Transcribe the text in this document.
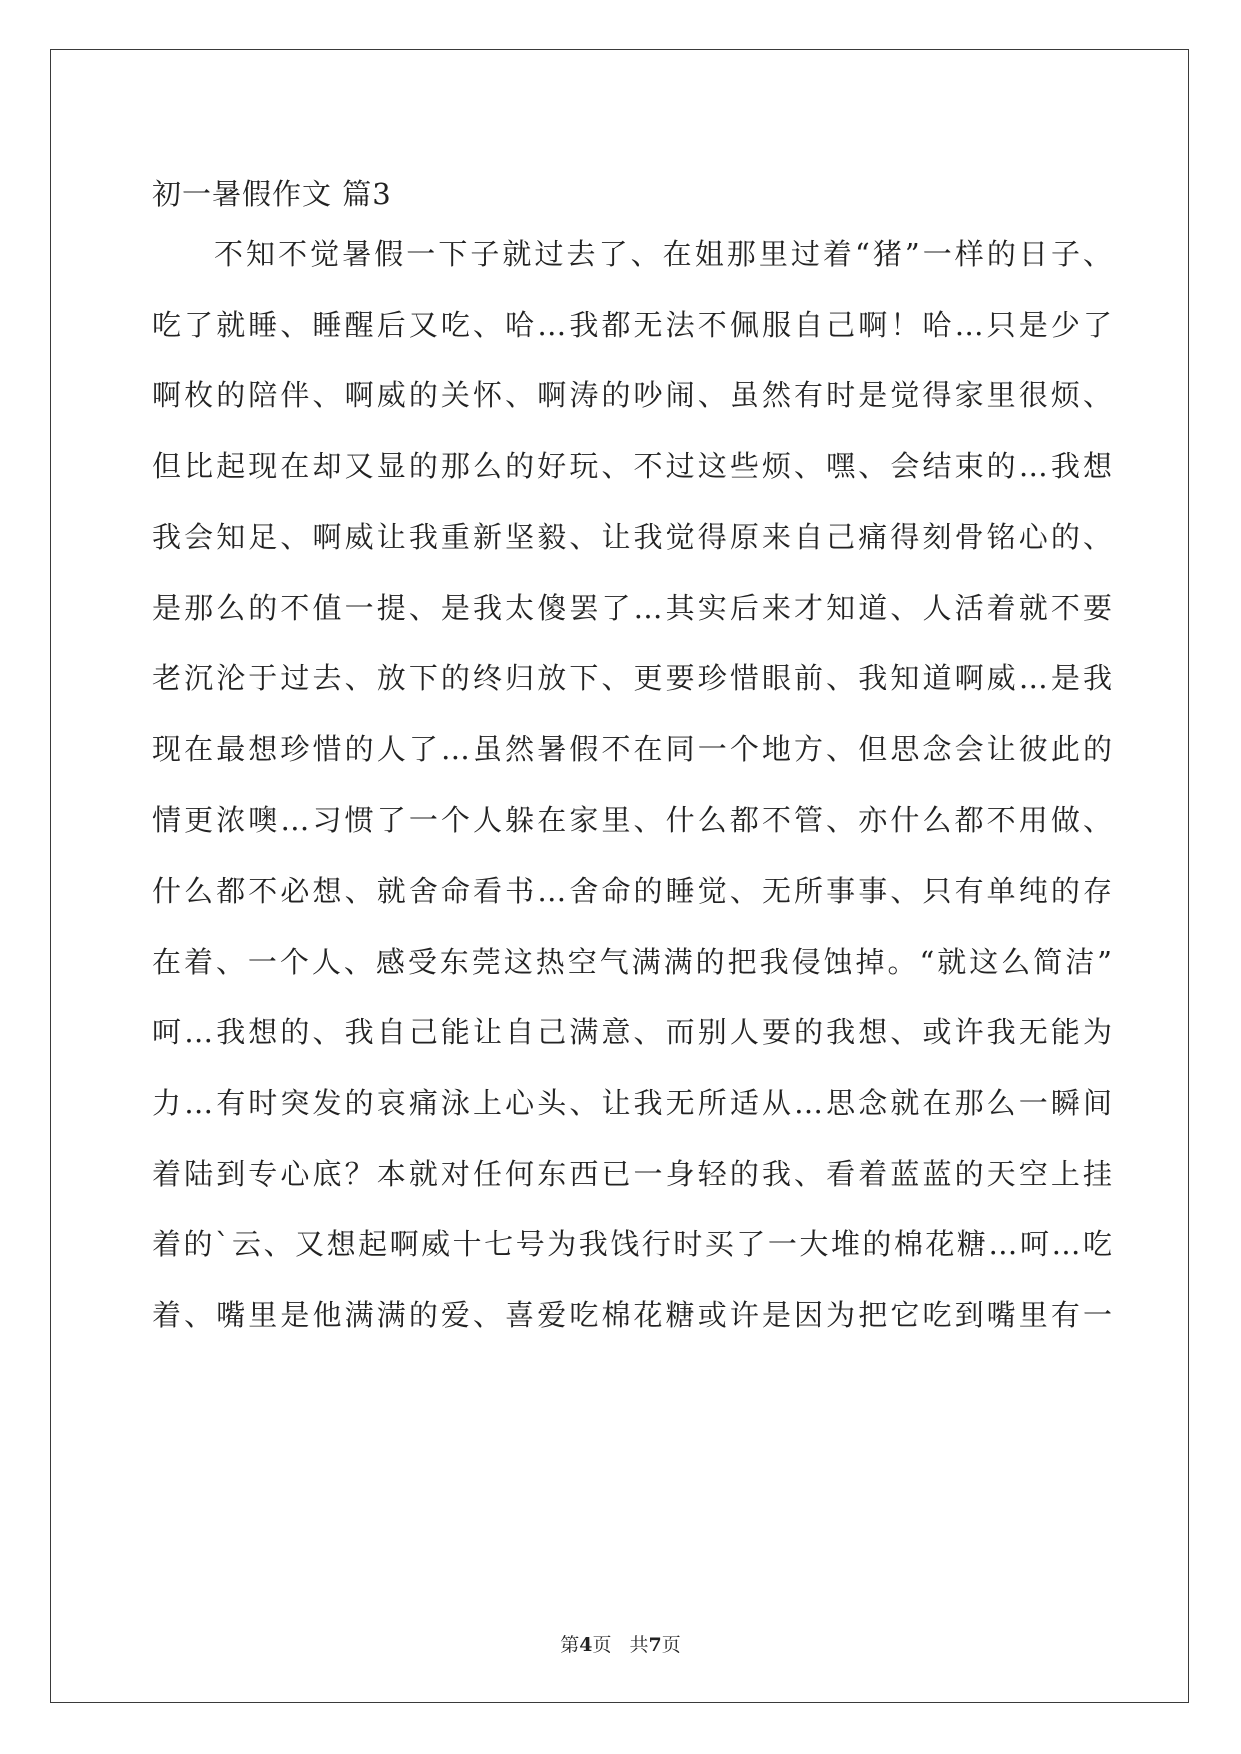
初一暑假作文 篇3
不知不觉暑假一下子就过去了、在姐那里过着“猪”一样的日子、
吃了就睡、睡醒后又吃、哈…我都无法不佩服自己啊！哈…只是少了
啊枚的陪伴、啊威的关怀、啊涛的吵闹、虽然有时是觉得家里很烦、
但比起现在却又显的那么的好玩、不过这些烦、嘿、会结束的…我想
我会知足、啊威让我重新坚毅、让我觉得原来自己痛得刻骨铭心的、
是那么的不值一提、是我太傻罢了…其实后来才知道、人活着就不要
老沉沦于过去、放下的终归放下、更要珍惜眼前、我知道啊威…是我
现在最想珍惜的人了…虽然暑假不在同一个地方、但思念会让彼此的
情更浓噢…习惯了一个人躲在家里、什么都不管、亦什么都不用做、
什么都不必想、就舍命看书…舍命的睡觉、无所事事、只有单纯的存
在着、一个人、感受东莞这热空气满满的把我侵蚀掉。“就这么简洁”
呵…我想的、我自己能让自己满意、而别人要的我想、或许我无能为
力…有时突发的哀痛泳上心头、让我无所适从…思念就在那么一瞬间
着陆到专心底？本就对任何东西已一身轻的我、看着蓝蓝的天空上挂
着的`云、又想起啊威十七号为我饯行时买了一大堆的棉花糖…呵…吃
着、嘴里是他满满的爱、喜爱吃棉花糖或许是因为把它吃到嘴里有一
第4页 共7页
